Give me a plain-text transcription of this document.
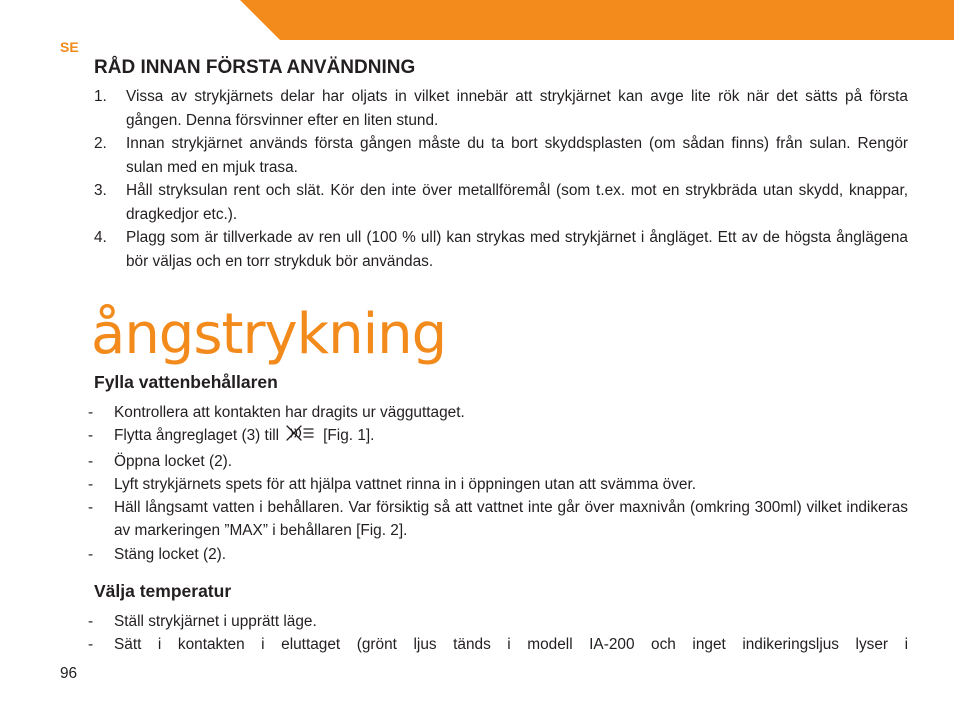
SE
RÅD INNAN FÖRSTA ANVÄNDNING
1. Vissa av strykjärnets delar har oljats in vilket innebär att strykjärnet kan avge lite rök när det sätts på första gången. Denna försvinner efter en liten stund.
2. Innan strykjärnet används första gången måste du ta bort skyddsplasten (om sådan finns) från sulan. Rengör sulan med en mjuk trasa.
3. Håll stryksulan rent och slät. Kör den inte över metallföremål (som t.ex. mot en strykbräda utan skydd, knappar, dragkedjor etc.).
4. Plagg som är tillverkade av ren ull (100 % ull) kan strykas med strykjärnet i ångläget. Ett av de högsta ånglägena bör väljas och en torr strykduk bör användas.
ångstrykning
Fylla vattenbehållaren
- Kontrollera att kontakten har dragits ur vägguttaget.
- Flytta ångreglaget (3) till	[Fig. 1].
- Öppna locket (2).
- Lyft strykjärnets spets för att hjälpa vattnet rinna in i öppningen utan att svämma över.
- Häll långsamt vatten i behållaren. Var försiktig så att vattnet inte går över maxnivån (omkring 300ml) vilket indikeras av markeringen ”MAX” i behållaren [Fig. 2].
- Stäng locket (2).
Välja temperatur
- Ställ strykjärnet i upprätt läge.
- Sätt i kontakten i eluttaget (grönt ljus tänds i modell IA-200 och inget indikeringsljus lyser i
96
